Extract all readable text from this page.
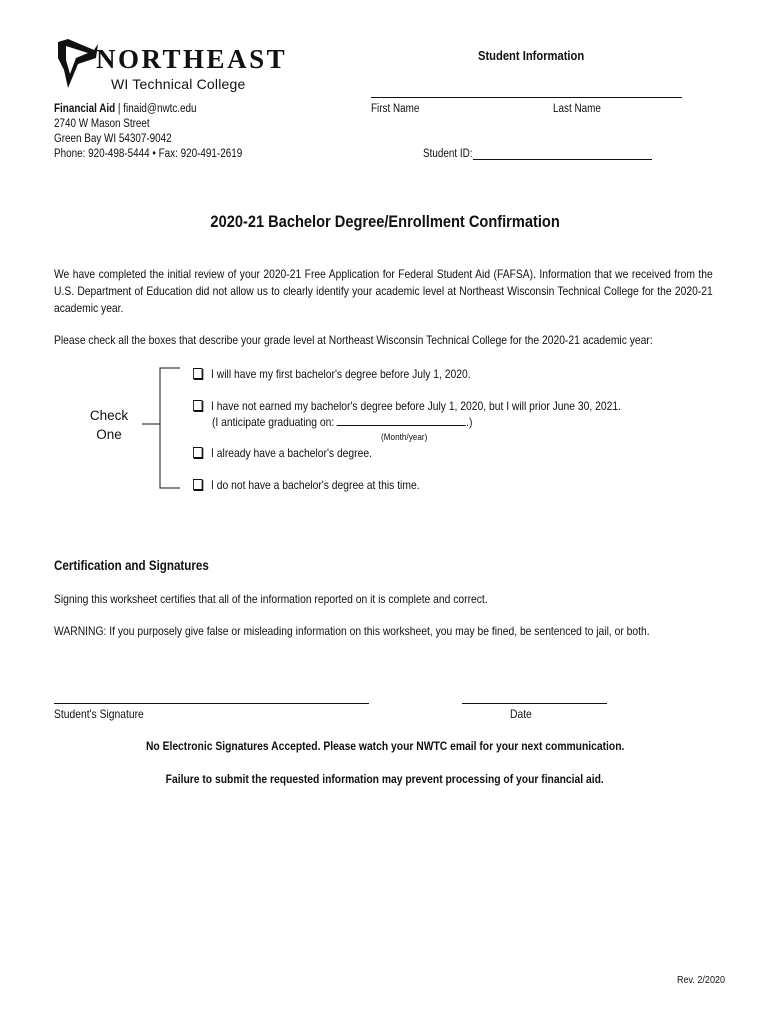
NORTHEAST
WI Technical College
Financial Aid | finaid@nwtc.edu
2740 W Mason Street
Green Bay WI 54307-9042
Phone: 920-498-5444 • Fax: 920-491-2619
Student Information
First Name	Last Name
Student ID:
2020-21 Bachelor Degree/Enrollment Confirmation
We have completed the initial review of your 2020-21 Free Application for Federal Student Aid (FAFSA). Information that we received from the U.S. Department of Education did not allow us to clearly identify your academic level at Northeast Wisconsin Technical College for the 2020-21 academic year.
Please check all the boxes that describe your grade level at Northeast Wisconsin Technical College for the 2020-21 academic year:
Check
One
I will have my first bachelor's degree before July 1, 2020.
I have not earned my bachelor's degree before July 1, 2020, but I will prior June 30, 2021.
(I anticipate graduating on:	.)
(Month/year)
I already have a bachelor's degree.
I do not have a bachelor's degree at this time.
Certification and Signatures
Signing this worksheet certifies that all of the information reported on it is complete and correct.
WARNING: If you purposely give false or misleading information on this worksheet, you may be fined, be sentenced to jail, or both.
Student's Signature	Date
No Electronic Signatures Accepted. Please watch your NWTC email for your next communication.
Failure to submit the requested information may prevent processing of your financial aid.
Rev. 2/2020
